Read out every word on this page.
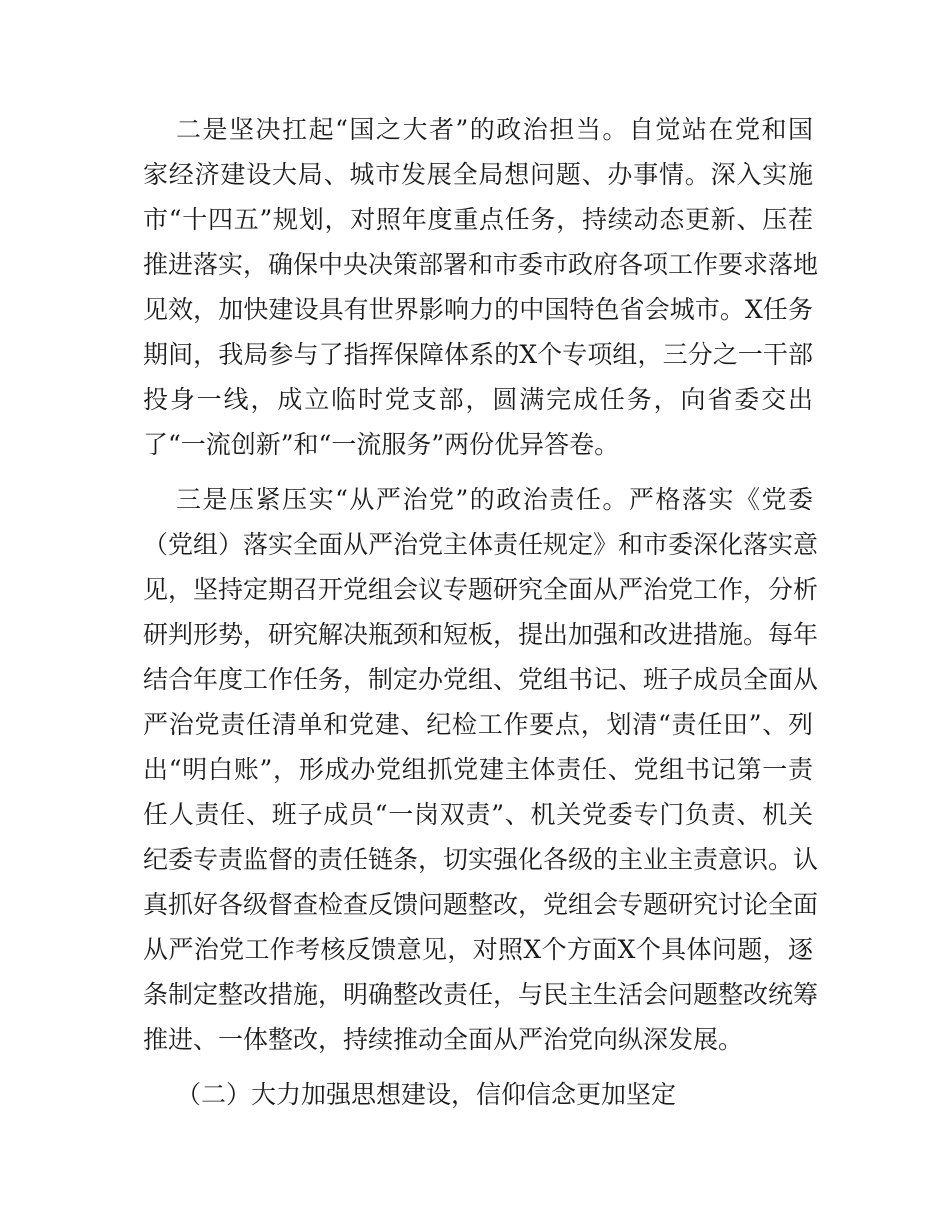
二是坚决扛起“国之大者”的政治担当。自觉站在党和国
家经济建设大局、城市发展全局想问题、办事情。深入实施
市“十四五”规划，对照年度重点任务，持续动态更新、压茬
推进落实，确保中央决策部署和市委市政府各项工作要求落地
见效，加快建设具有世界影响力的中国特色省会城市。X任务
期间，我局参与了指挥保障体系的X个专项组，三分之一干部
投身一线，成立临时党支部，圆满完成任务，向省委交出
了“一流创新”和“一流服务”两份优异答卷。
三是压紧压实“从严治党”的政治责任。严格落实《党委
（党组）落实全面从严治党主体责任规定》和市委深化落实意
见，坚持定期召开党组会议专题研究全面从严治党工作，分析
研判形势，研究解决瓶颈和短板，提出加强和改进措施。每年
结合年度工作任务，制定办党组、党组书记、班子成员全面从
严治党责任清单和党建、纪检工作要点，划清“责任田”、列
出“明白账”，形成办党组抓党建主体责任、党组书记第一责
任人责任、班子成员“一岗双责”、机关党委专门负责、机关
纪委专责监督的责任链条，切实强化各级的主业主责意识。认
真抓好各级督查检查反馈问题整改，党组会专题研究讨论全面
从严治党工作考核反馈意见，对照X个方面X个具体问题，逐
条制定整改措施，明确整改责任，与民主生活会问题整改统筹
推进、一体整改，持续推动全面从严治党向纵深发展。
（二）大力加强思想建设，信仰信念更加坚定
